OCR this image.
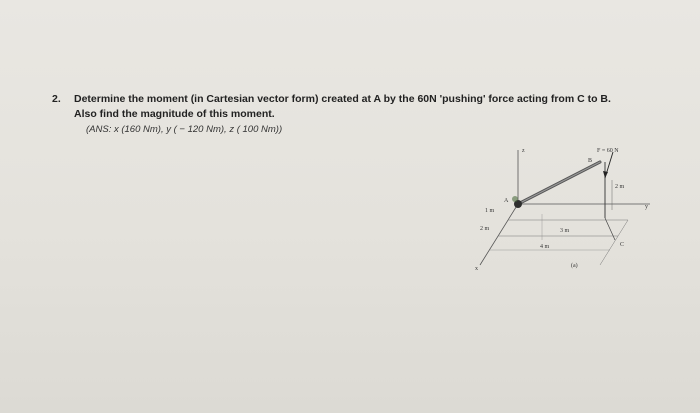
2. Determine the moment (in Cartesian vector form) created at A by the 60N 'pushing' force acting from C to B.
Also find the magnitude of this moment.
(ANS: x (160 Nm), y ( − 120 Nm), z ( 100 Nm))
z
x
y
B
C
A
F = 60 N
1 m
2 m	3 m
4 m
2 m
(a)
